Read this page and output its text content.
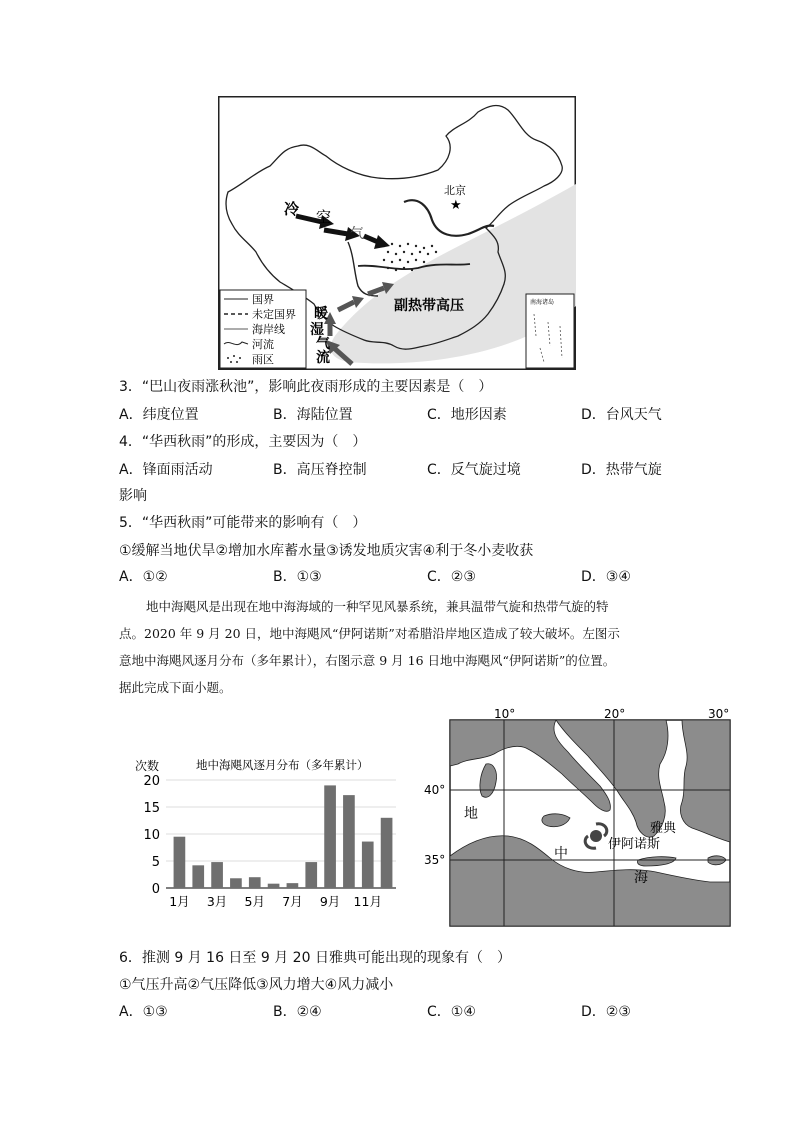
冷 空
气
暖
湿
气
流
北京
★
副热带高压
国界
未定国界
海岸线
河流
雨区
南海诸岛
3．“巴山夜雨涨秋池”，影响此夜雨形成的主要因素是（　）
A．纬度位置	B．海陆位置	C．地形因素	D．台风天气
4．“华西秋雨”的形成，主要因为（　）
A．锋面雨活动	B．高压脊控制	C．反气旋过境	D．热带气旋
影响
5．“华西秋雨”可能带来的影响有（　）
①缓解当地伏旱②增加水库蓄水量③诱发地质灾害④利于冬小麦收获
A．①②	B．①③	C．②③	D．③④
地中海飓风是出现在地中海海域的一种罕见风暴系统，兼具温带气旋和热带气旋的特
点。2020 年 9 月 20 日，地中海飓风“伊阿诺斯”对希腊沿岸地区造成了较大破坏。左图示
意地中海飓风逐月分布（多年累计），右图示意 9 月 16 日地中海飓风“伊阿诺斯”的位置。
据此完成下面小题。
地中海飓风逐月分布（多年累计）
次数
0
5
10
15
20
1月 3月 5月 7月 9月 11月
10°	20°	30°
40°
35°
地
中
海
雅典
伊阿诺斯
6．推测 9 月 16 日至 9 月 20 日雅典可能出现的现象有（　）
①气压升高②气压降低③风力增大④风力减小
A．①③	B．②④	C．①④	D．②③
